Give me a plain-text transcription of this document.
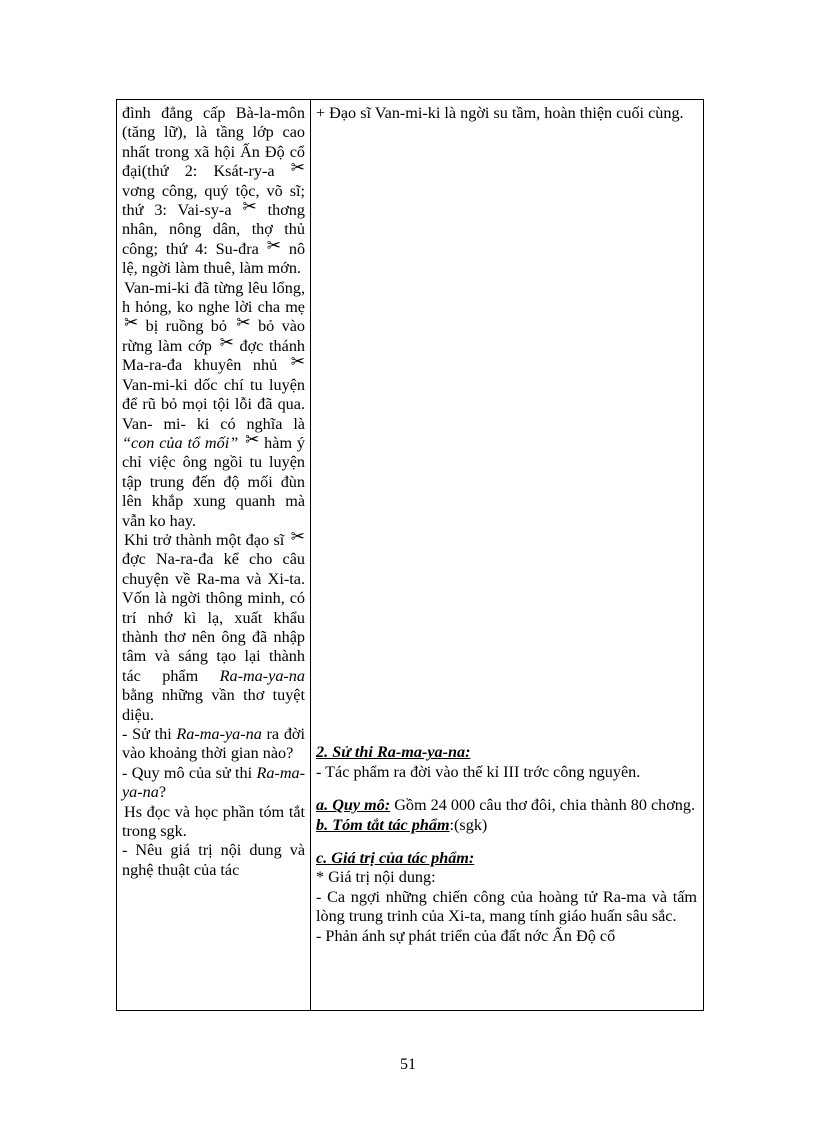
đình đẳng cấp Bà-la-môn (tăng lữ), là tầng lớp cao nhất trong xã hội Ấn Độ cổ đại(thứ 2: Ksát-ry-a ✂ vơng công, quý tộc, võ sĩ; thứ 3: Vai-sy-a ✂ thơng nhân, nông dân, thợ thủ công; thứ 4: Su-đra ✂ nô lệ, ngời làm thuê, làm mớn.

Van-mi-ki đã từng lêu lổng, h hỏng, ko nghe lời cha mẹ ✂ bị ruồng bỏ ✂ bỏ vào rừng làm cớp ✂ đợc thánh Ma-ra-đa khuyên nhủ ✂ Van-mi-ki dốc chí tu luyện để rũ bỏ mọi tội lỗi đã qua. Van- mi- ki có nghĩa là “con của tổ mối” ✂ hàm ý chỉ việc ông ngồi tu luyện tập trung đến độ mối đùn lên khắp xung quanh mà vẫn ko hay.

Khi trở thành một đạo sĩ ✂ đợc Na-ra-đa kể cho câu chuyện về Ra-ma và Xi-ta. Vốn là ngời thông minh, có trí nhớ kì lạ, xuất khẩu thành thơ nên ông đã nhập tâm và sáng tạo lại thành tác phẩm Ra-ma-ya-na bằng những vần thơ tuyệt diệu.

- Sử thi Ra-ma-ya-na ra đời vào khoảng thời gian nào?

- Quy mô của sử thi Ra-ma-ya-na?

Hs đọc và học phần tóm tắt trong sgk.

- Nêu giá trị nội dung và nghệ thuật của tác

+ Đạo sĩ Van-mi-ki là ngời su tầm, hoàn thiện cuối cùng.

2. Sử thi Ra-ma-ya-na:

- Tác phẩm ra đời vào thế kỉ III trớc công nguyên.

a. Quy mô: Gồm 24 000 câu thơ đôi, chia thành 80 chơng.

b. Tóm tắt tác phẩm:(sgk)

c. Giá trị của tác phẩm:

* Giá trị nội dung:

- Ca ngợi những chiến công của hoàng tử Ra-ma và tấm lòng trung trinh của Xi-ta, mang tính giáo huấn sâu sắc.

- Phản ánh sự phát triển của đất nớc Ấn Độ cổ

51
